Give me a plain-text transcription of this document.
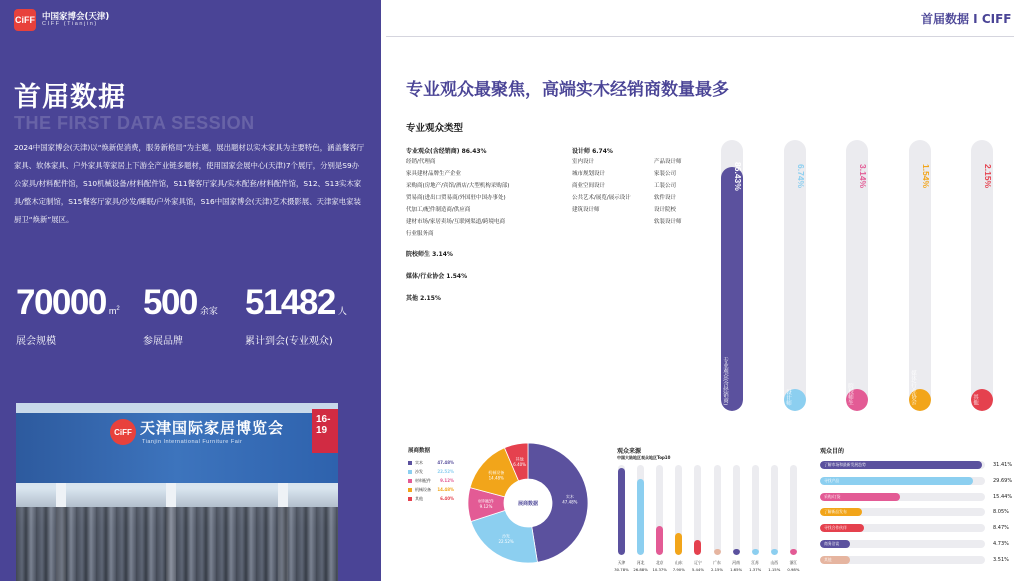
CiFF 中国家博会(天津)
CIFF (Tianjin)
首届数据
THE FIRST DATA SESSION
2024中国家博会(天津)以“焕新促消费，服务新格局”为主题，展出题材以实木家具为主要特色，涵盖餐客厅家具、软体家具、户外家具等家居上下游全产业链多题材，使用国家会展中心(天津)7个展厅，分别是S9办公家具/材料配件馆，S10机械设备/材料配件馆，S11餐客厅家具/实木配套/材料配件馆，S12、S13实木家具/整木定制馆，S15餐客厅家具/沙发/睡眠/户外家具馆，S16中国家博会(天津)艺术摄影展、天津家电家装厨卫“焕新”展区。
70000 $m^2$
展会规模
500 余家
参展品牌
51482 人
累计到会(专业观众)
CiFF 天津国际家居博览会
Tianjin International Furniture Fair
16-19
首届数据 I CIFF
专业观众最聚焦，高端实木经销商数量最多
专业观众类型
专业观众(含经销商) 86.43%
经销/代理商
家具建材品牌生产企业
采购商(房地产/宾馆/酒店/大型机构采购部)
贸易商(进出口贸易商/外国驻中国办事处)
代加工/配件制造商/供应商
建材市场/家居卖场/互联网渠道/跨境电商
行业服务商
设计师 6.74%
室内设计
城市规划设计
商业空间设计
公共艺术/展览/展示设计
建筑设计师
产品设计师
家装公司
工装公司
软件设计
设计院校
软装设计师
院校师生 3.14%
媒体/行业协会 1.54%
其他 2.15%
86.43%
专业观众(含经销商)
6.74%
设计师
3.14%
院校师生
1.54%
媒体/行业协会
2.15%
其他
展商数据
实木	47.48%
沙发	22.52%
材料配件	9.12%
机械设备	14.48%
其他	6.40%	实木
47.48%
沙发
22.52%
材料配件
9.12%
机械设备
14.48%
其他
6.40%
展商数据
观众来源
中国大陆地区观众地区Top10
天津
30.78%
河北
26.88%
北京
10.37%
山东
7.90%
辽宁
5.44%
广东
2.15%
河南
1.65%
江苏
1.37%
山西
1.15%
浙江
0.98%
观众目的
了解市场和最新发展趋势	31.41%
寻找产品	29.69%
采购/订货	15.44%
了解新品发布	8.05%
寻找合作伙伴	8.47%
商务洽谈	4.73%
其他	3.51%
